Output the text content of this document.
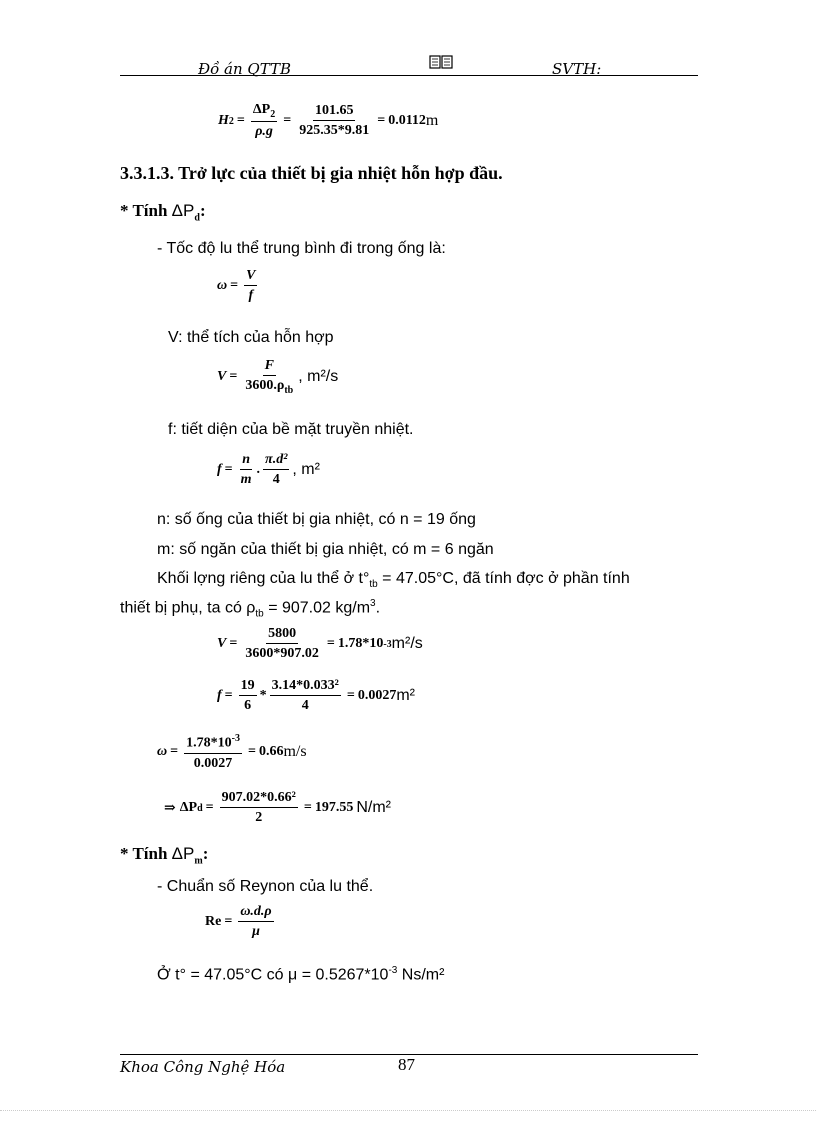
Đồ án QTTB	SVTH:
H $2 = \frac{\Delta P_2}{\rho.g} = \frac{101.65}{925.35*9.81} = 0.0112$ m
3.3.1.3. Trở lực của thiết bị gia nhiệt hỗn hợp đầu.
* Tính $\Delta P_d$:
- Tốc độ lu thể trung bình đi trong ống là:
$\omega = \frac{V}{f}$
V: thể tích của hỗn hợp
$V = \frac{F}{3600.\rho_{tb}}$ , m²/s
f: tiết diện của bề mặt truyền nhiệt.
$f = \frac{n}{m}$ . $\frac{\text{π.d²}}{4}$ , m²
n: số ống của thiết bị gia nhiệt, có n = 19 ống
m: số ngăn của thiết bị gia nhiệt, có m = 6 ngăn
Khối lợng riêng của lu thể ở $t^\circ_{tb} = 47.05^\circ C$, đã tính đợc ở phần tính
thiết bị phụ, ta có $\rho_{tb} = 907.02$ $kg/m^3$.
$V = \frac{5800}{3600*907.02} = 1.78*10$ -3 m²/s
$f = \frac{19}{6} * \frac{\text{3.14*0.033²}}{4} = 0.0027$ m²
$\omega = \frac{1.78*10^{-3}}{0.0027} = 0.66$ m/s
⇒ ΔP $d = \frac{\text{907.02*0.66²}}{2} = 197.55$ N/m²
* Tính $\Delta P_m$:
- Chuẩn số Reynon của lu thể.
$Re = \frac{\omega.d.\rho}{\mu}$
Ở t° = 47.05°C có $\mu = 0.5267*10^{-3}$ Ns/m²
Khoa Công Nghệ Hóa	87
